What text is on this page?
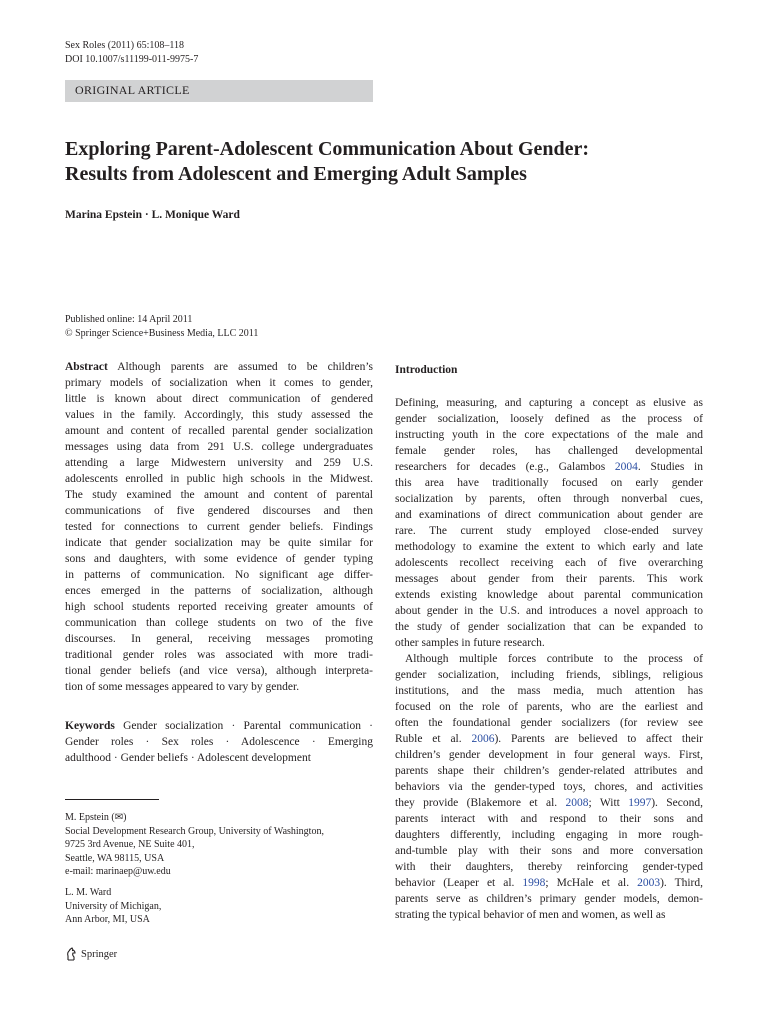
Sex Roles (2011) 65:108–118
DOI 10.1007/s11199-011-9975-7
ORIGINAL ARTICLE
Exploring Parent-Adolescent Communication About Gender:
Results from Adolescent and Emerging Adult Samples
Marina Epstein · L. Monique Ward
Published online: 14 April 2011
© Springer Science+Business Media, LLC 2011
Abstract Although parents are assumed to be children’s
primary models of socialization when it comes to gender,
little is known about direct communication of gendered
values in the family. Accordingly, this study assessed the
amount and content of recalled parental gender socialization
messages using data from 291 U.S. college undergraduates
attending a large Midwestern university and 259 U.S.
adolescents enrolled in public high schools in the Midwest.
The study examined the amount and content of parental
communications of five gendered discourses and then
tested for connections to current gender beliefs. Findings
indicate that gender socialization may be quite similar for
sons and daughters, with some evidence of gender typing
in patterns of communication. No significant age differ-
ences emerged in the patterns of socialization, although
high school students reported receiving greater amounts of
communication than college students on two of the five
discourses. In general, receiving messages promoting
traditional gender roles was associated with more tradi-
tional gender beliefs (and vice versa), although interpreta-
tion of some messages appeared to vary by gender.
Keywords Gender socialization · Parental communication ·
Gender roles · Sex roles · Adolescence · Emerging
adulthood · Gender beliefs · Adolescent development
Introduction
Defining, measuring, and capturing a concept as elusive as
gender socialization, loosely defined as the process of
instructing youth in the core expectations of the male and
female gender roles, has challenged developmental
researchers for decades (e.g., Galambos 2004. Studies in
this area have traditionally focused on early gender
socialization by parents, often through nonverbal cues,
and examinations of direct communication about gender are
rare. The current study employed close-ended survey
methodology to examine the extent to which early and late
adolescents recollect receiving each of five overarching
messages about gender from their parents. This work
extends existing knowledge about parental communication
about gender in the U.S. and introduces a novel approach to
the study of gender socialization that can be expanded to
other samples in future research.
Although multiple forces contribute to the process of
gender socialization, including friends, siblings, religious
institutions, and the mass media, much attention has
focused on the role of parents, who are the earliest and
often the foundational gender socializers (for review see
Ruble et al. 2006). Parents are believed to affect their
children’s gender development in four general ways. First,
parents shape their children’s gender-related attributes and
behaviors via the gender-typed toys, chores, and activities
they provide (Blakemore et al. 2008; Witt 1997). Second,
parents interact with and respond to their sons and
daughters differently, including engaging in more rough-
and-tumble play with their sons and more conversation
with their daughters, thereby reinforcing gender-typed
behavior (Leaper et al. 1998; McHale et al. 2003). Third,
parents serve as children’s primary gender models, demon-
strating the typical behavior of men and women, as well as
M. Epstein (✉)
Social Development Research Group, University of Washington,
9725 3rd Avenue, NE Suite 401,
Seattle, WA 98115, USA
e-mail: marinaep@uw.edu
L. M. Ward
University of Michigan,
Ann Arbor, MI, USA
Springer
